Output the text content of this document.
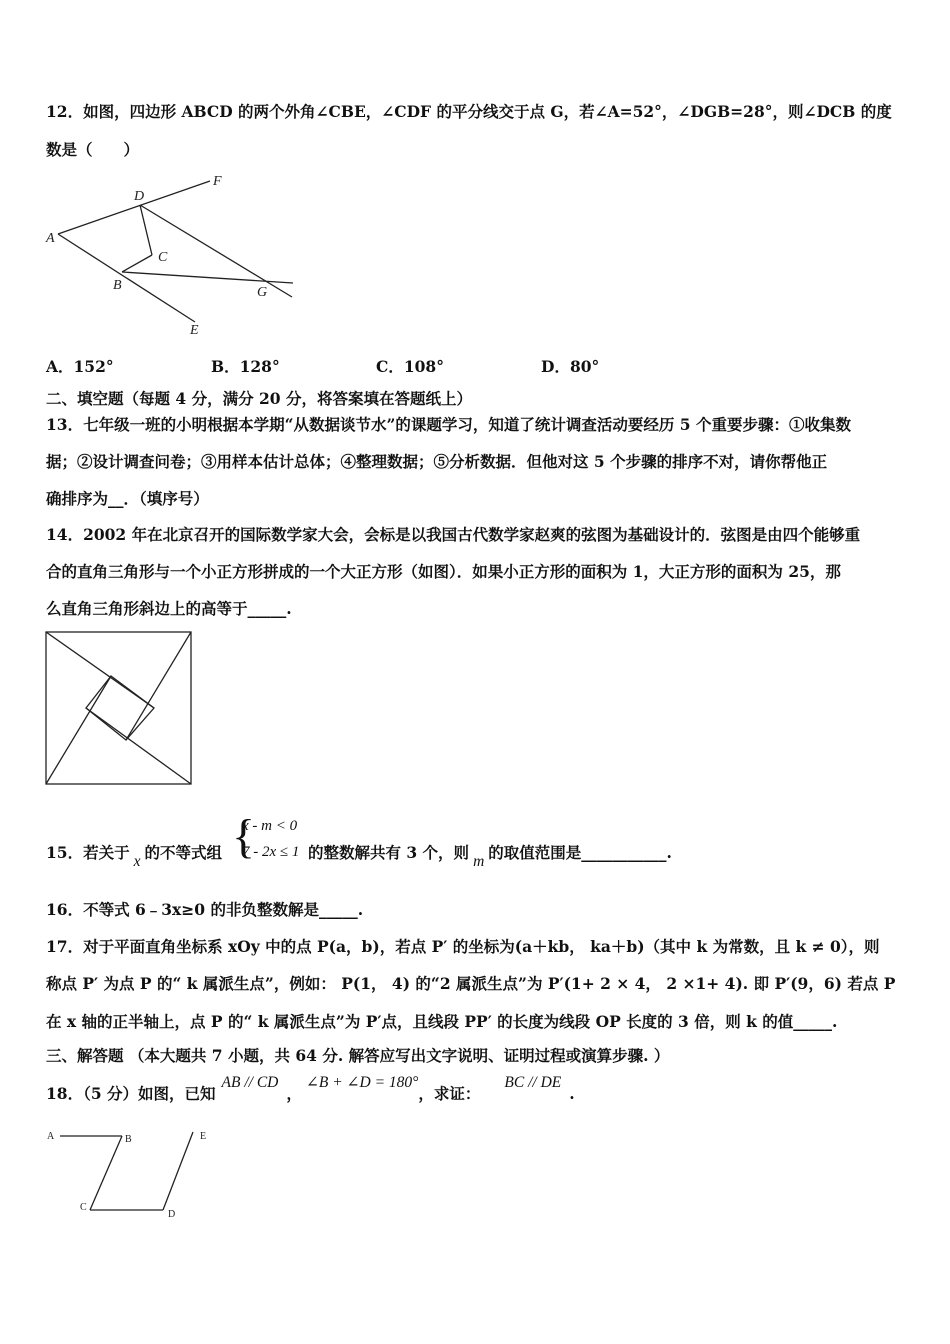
12．如图，四边形 ABCD 的两个外角∠CBE，∠CDF 的平分线交于点 G，若∠A=52°，∠DGB=28°，则∠DCB 的度
数是（　　）
D
F
A
C
B	G
E
A．152°	B．128°	C．108°	D．80°
二、填空题（每题 4 分，满分 20 分，将答案填在答题纸上）
13．七年级一班的小明根据本学期“从数据谈节水”的课题学习，知道了统计调查活动要经历 5 个重要步骤：①收集数
据；②设计调查问卷；③用样本估计总体；④整理数据；⑤分析数据．但他对这 5 个步骤的排序不对，请你帮他正
确排序为__．（填序号）
14．2002 年在北京召开的国际数学家大会，会标是以我国古代数学家赵爽的弦图为基础设计的．弦图是由四个能够重
合的直角三角形与一个小正方形拼成的一个大正方形（如图）．如果小正方形的面积为 1，大正方形的面积为 25，那
么直角三角形斜边上的高等于_____.
15．若关于 x 的不等式组	的整数解共有 3 个，则 m 的取值范围是___________.
{
x - m < 0
7 - 2x ≤ 1
16．不等式 6﹣3x≥0 的非负整数解是_____.
17．对于平面直角坐标系 xOy 中的点 P(a，b)，若点 P′ 的坐标为(a＋kb， ka＋b)（其中 k 为常数，且 k ≠ 0），则
称点 P′ 为点 P 的“ k 属派生点”，例如： P(1， 4) 的“2 属派生点”为 P′(1+ 2 × 4， 2 ×1+ 4). 即 P′(9，6) 若点 P
在 x 轴的正半轴上，点 P 的“ k 属派生点”为 P′点，且线段 PP′ 的长度为线段 OP 长度的 3 倍，则 k 的值_____.
三、解答题 （本大题共 7 小题，共 64 分. 解答应写出文字说明、证明过程或演算步骤. ）
18．（5 分）如图，已知AB // CD，∠B + ∠D = 180°，求证：BC // DE.
A	B	E
C
D
